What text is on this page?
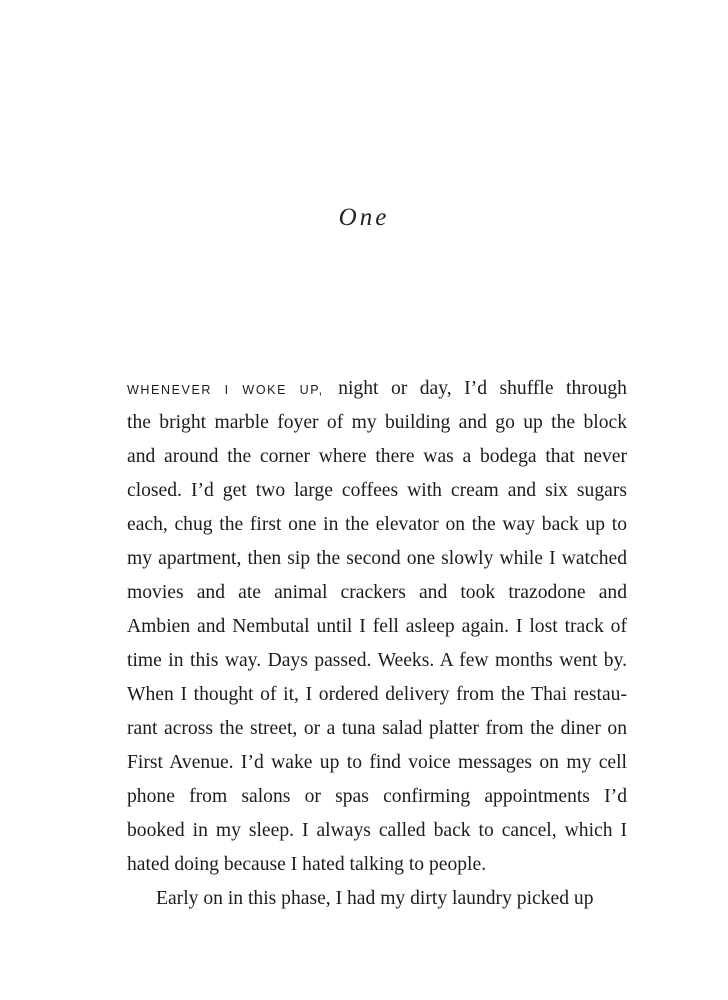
One
WHENEVER I WOKE UP, night or day, I’d shuffle through
the bright marble foyer of my building and go up the block
and around the corner where there was a bodega that never
closed. I’d get two large coffees with cream and six sugars
each, chug the first one in the elevator on the way back up to
my apartment, then sip the second one slowly while I watched
movies and ate animal crackers and took trazodone and
Ambien and Nembutal until I fell asleep again. I lost track of
time in this way. Days passed. Weeks. A few months went by.
When I thought of it, I ordered delivery from the Thai restau-
rant across the street, or a tuna salad platter from the diner on
First Avenue. I’d wake up to find voice messages on my cell
phone from salons or spas confirming appointments I’d
booked in my sleep. I always called back to cancel, which I
hated doing because I hated talking to people.
Early on in this phase, I had my dirty laundry picked up
